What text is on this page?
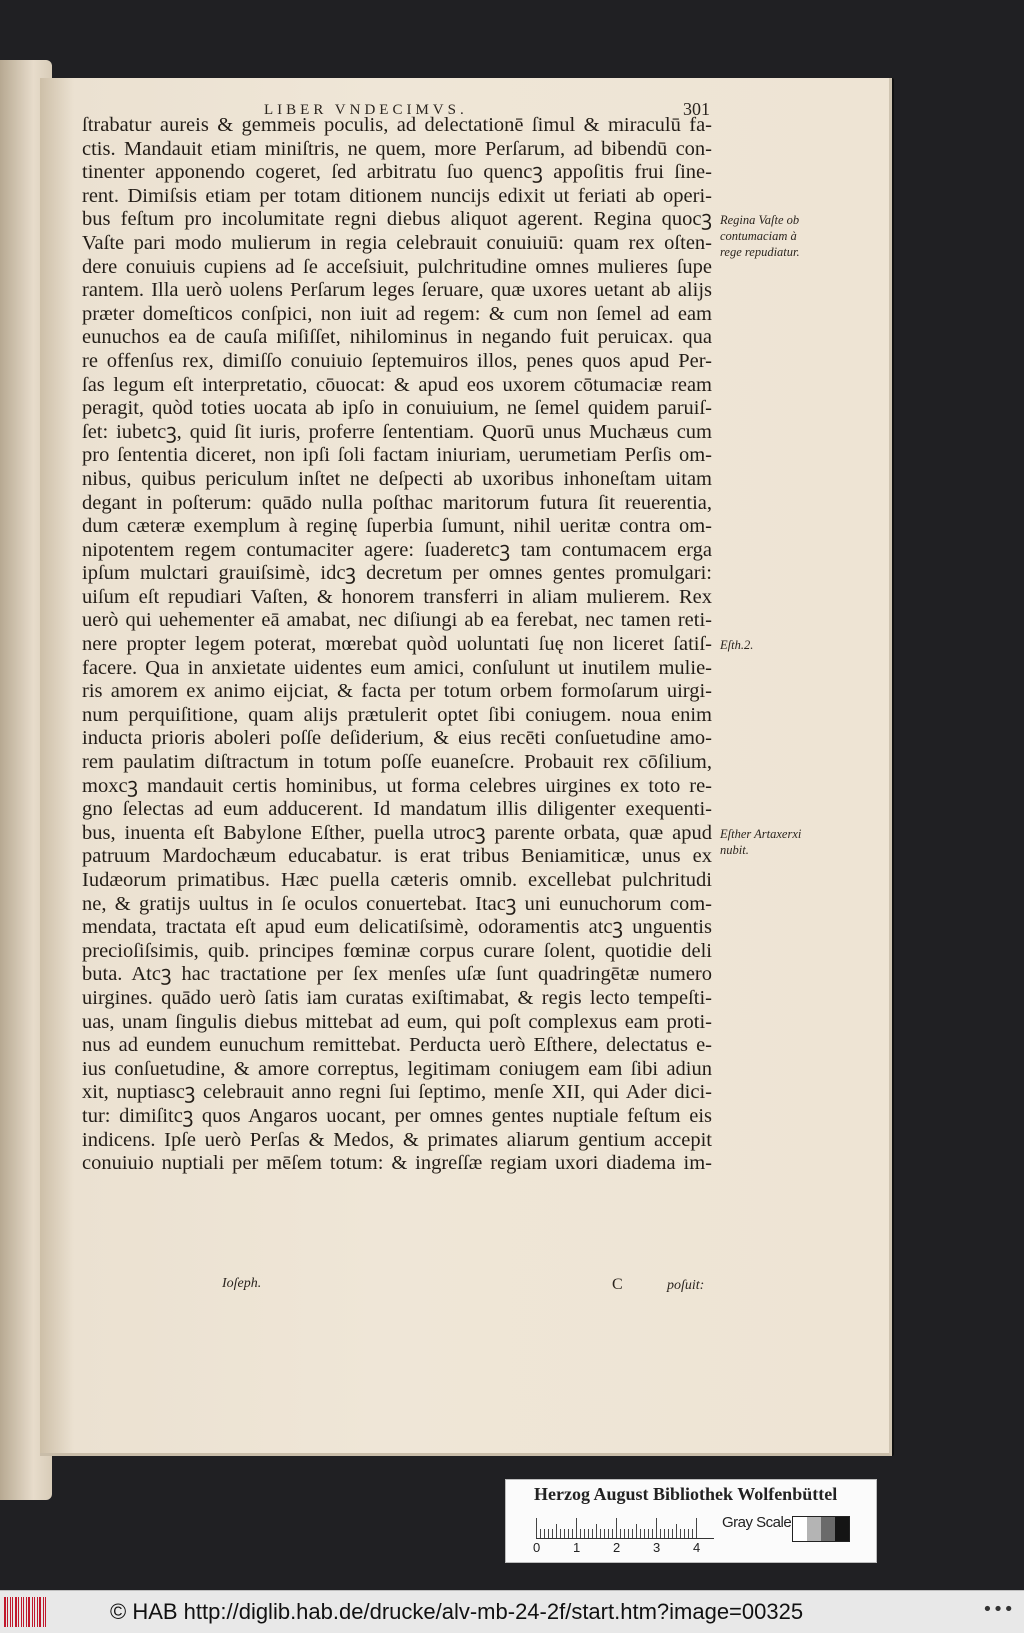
LIBER VNDECIMVS.	301
ſtrabatur aureis & gemmeis poculis, ad delectationē ſimul & miraculū fa-
ctis. Mandauit etiam miniſtris, ne quem, more Perſarum, ad bibendū con-
tinenter apponendo cogeret, ſed arbitratu ſuo quencꝫ appoſitis frui ſine-
rent. Dimiſsis etiam per totam ditionem nuncijs edixit ut feriati ab operi-
bus feſtum pro incolumitate regni diebus aliquot agerent. Regina quocꝫ
Vaſte pari modo mulierum in regia celebrauit conuiuiū: quam rex oſten-
dere conuiuis cupiens ad ſe acceſsiuit, pulchritudine omnes mulieres ſupe
rantem. Illa uerò uolens Perſarum leges ſeruare, quæ uxores uetant ab alijs
præter domeſticos conſpici, non iuit ad regem: & cum non ſemel ad eam
eunuchos ea de cauſa miſiſſet, nihilominus in negando fuit peruicax. qua
re offenſus rex, dimiſſo conuiuio ſeptemuiros illos, penes quos apud Per-
ſas legum eſt interpretatio, cōuocat: & apud eos uxorem cōtumaciæ ream
peragit, quòd toties uocata ab ipſo in conuiuium, ne ſemel quidem paruiſ-
ſet: iubetcꝫ, quid ſit iuris, proferre ſententiam. Quorū unus Muchæus cum
pro ſententia diceret, non ipſi ſoli factam iniuriam, uerumetiam Perſis om-
nibus, quibus periculum inſtet ne deſpecti ab uxoribus inhoneſtam uitam
degant in poſterum: quādo nulla poſthac maritorum futura ſit reuerentia,
dum cæteræ exemplum à reginę ſuperbia ſumunt, nihil ueritæ contra om-
nipotentem regem contumaciter agere: ſuaderetcꝫ tam contumacem erga
ipſum mulctari grauiſsimè, idcꝫ decretum per omnes gentes promulgari:
uiſum eſt repudiari Vaſten, & honorem transferri in aliam mulierem. Rex
uerò qui uehementer eā amabat, nec diſiungi ab ea ferebat, nec tamen reti-
nere propter legem poterat, mœrebat quòd uoluntati ſuę non liceret ſatiſ-
facere. Qua in anxietate uidentes eum amici, conſulunt ut inutilem mulie-
ris amorem ex animo eijciat, & facta per totum orbem formoſarum uirgi-
num perquiſitione, quam alijs prætulerit optet ſibi coniugem. noua enim
inducta prioris aboleri poſſe deſiderium, & eius recēti conſuetudine amo-
rem paulatim diſtractum in totum poſſe euaneſcre. Probauit rex cōſilium,
moxcꝫ mandauit certis hominibus, ut forma celebres uirgines ex toto re-
gno ſelectas ad eum adducerent. Id mandatum illis diligenter exequenti-
bus, inuenta eſt Babylone Eſther, puella utrocꝫ parente orbata, quæ apud
patruum Mardochæum educabatur. is erat tribus Beniamiticæ, unus ex
Iudæorum primatibus. Hæc puella cæteris omnib. excellebat pulchritudi
ne, & gratijs uultus in ſe oculos conuertebat. Itacꝫ uni eunuchorum com-
mendata, tractata eſt apud eum delicatiſsimè, odoramentis atcꝫ unguentis
precioſiſsimis, quib. principes fœminæ corpus curare ſolent, quotidie deli
buta. Atcꝫ hac tractatione per ſex menſes uſæ ſunt quadringētæ numero
uirgines. quādo uerò ſatis iam curatas exiſtimabat, & regis lecto tempeſti-
uas, unam ſingulis diebus mittebat ad eum, qui poſt complexus eam proti-
nus ad eundem eunuchum remittebat. Perducta uerò Eſthere, delectatus e-
ius conſuetudine, & amore correptus, legitimam coniugem eam ſibi adiun
xit, nuptiascꝫ celebrauit anno regni ſui ſeptimo, menſe XII, qui Ader dici-
tur: dimiſitcꝫ quos Angaros uocant, per omnes gentes nuptiale feſtum eis
indicens. Ipſe uerò Perſas & Medos, & primates aliarum gentium accepit
conuiuio nuptiali per mēſem totum: & ingreſſæ regiam uxori diadema im-
Regina Vaſte ob contumaciam à rege repudiatur.
Eſth.2.
Eſther Artaxerxi nubit.
Ioſeph.	C	poſuit:
Herzog August Bibliothek Wolfenbüttel
0	1	2	3	4
Gray Scale
© HAB http://diglib.hab.de/drucke/alv-mb-24-2f/start.htm?image=00325	•••
